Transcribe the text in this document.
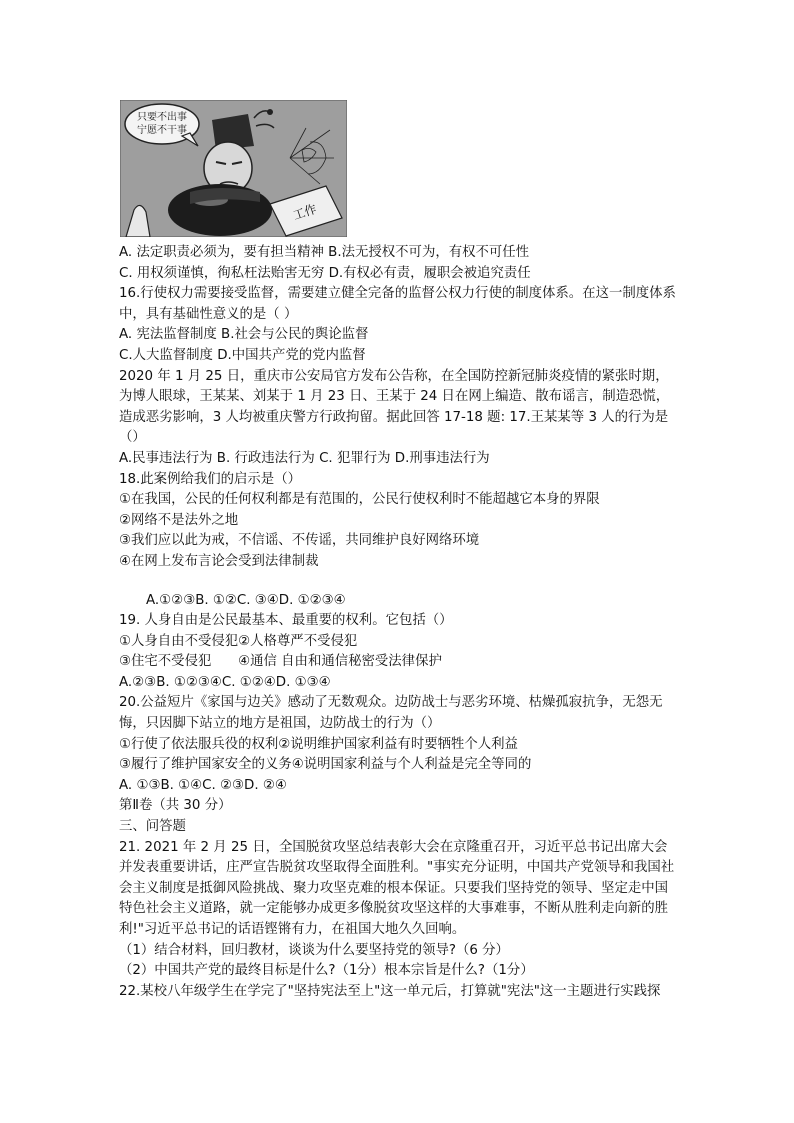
只要不出事宁愿不干事
工作
A. 法定职责必须为，要有担当精神 B.法无授权不可为，有权不可任性
C. 用权须谨慎，徇私枉法贻害无穷 D.有权必有责，履职会被追究责任
16.行使权力需要接受监督，需要建立健全完备的监督公权力行使的制度体系。在这一制度体系中，具有基础性意义的是（ ）
A. 宪法监督制度 B.社会与公民的舆论监督
C.人大监督制度 D.中国共产党的党内监督
2020 年 1 月 25 日，重庆市公安局官方发布公告称，在全国防控新冠肺炎疫情的紧张时期，为博人眼球，王某某、刘某于 1 月 23 日、王某于 24 日在网上编造、散布谣言，制造恐慌，造成恶劣影响，3 人均被重庆警方行政拘留。据此回答 17-18 题: 17.王某某等 3 人的行为是（）
A.民事违法行为 B. 行政违法行为 C. 犯罪行为 D.刑事违法行为
18.此案例给我们的启示是（）
①在我国，公民的任何权利都是有范围的，公民行使权利时不能超越它本身的界限
②网络不是法外之地
③我们应以此为戒，不信谣、不传谣，共同维护良好网络环境
④在网上发布言论会受到法律制裁
A.①②③B. ①②C. ③④D. ①②③④
19. 人身自由是公民最基本、最重要的权利。它包括（）
①人身自由不受侵犯②人格尊严不受侵犯
③住宅不受侵犯　　④通信 自由和通信秘密受法律保护
A.②③B. ①②③④C. ①②④D. ①③④
20.公益短片《家国与边关》感动了无数观众。边防战士与恶劣环境、枯燥孤寂抗争，无怨无悔，只因脚下站立的地方是祖国，边防战士的行为（）
①行使了依法服兵役的权利②说明维护国家利益有时要牺牲个人利益
③履行了维护国家安全的义务④说明国家利益与个人利益是完全等同的
A. ①③B. ①④C. ②③D. ②④
第Ⅱ卷（共 30 分）
三、问答题
21. 2021 年 2 月 25 日，全国脱贫攻坚总结表彰大会在京隆重召开，习近平总书记出席大会并发表重要讲话，庄严宣告脱贫攻坚取得全面胜利。"事实充分证明，中国共产党领导和我国社会主义制度是抵御风险挑战、聚力攻坚克难的根本保证。只要我们坚持党的领导、坚定走中国特色社会主义道路，就一定能够办成更多像脱贫攻坚这样的大事难事，不断从胜利走向新的胜利!"习近平总书记的话语铿锵有力，在祖国大地久久回响。
（1）结合材料，回归教材，谈谈为什么要坚持党的领导?（6 分）
（2）中国共产党的最终目标是什么?（1分）根本宗旨是什么?（1分）
22.某校八年级学生在学完了"坚持宪法至上"这一单元后，打算就"宪法"这一主题进行实践探
